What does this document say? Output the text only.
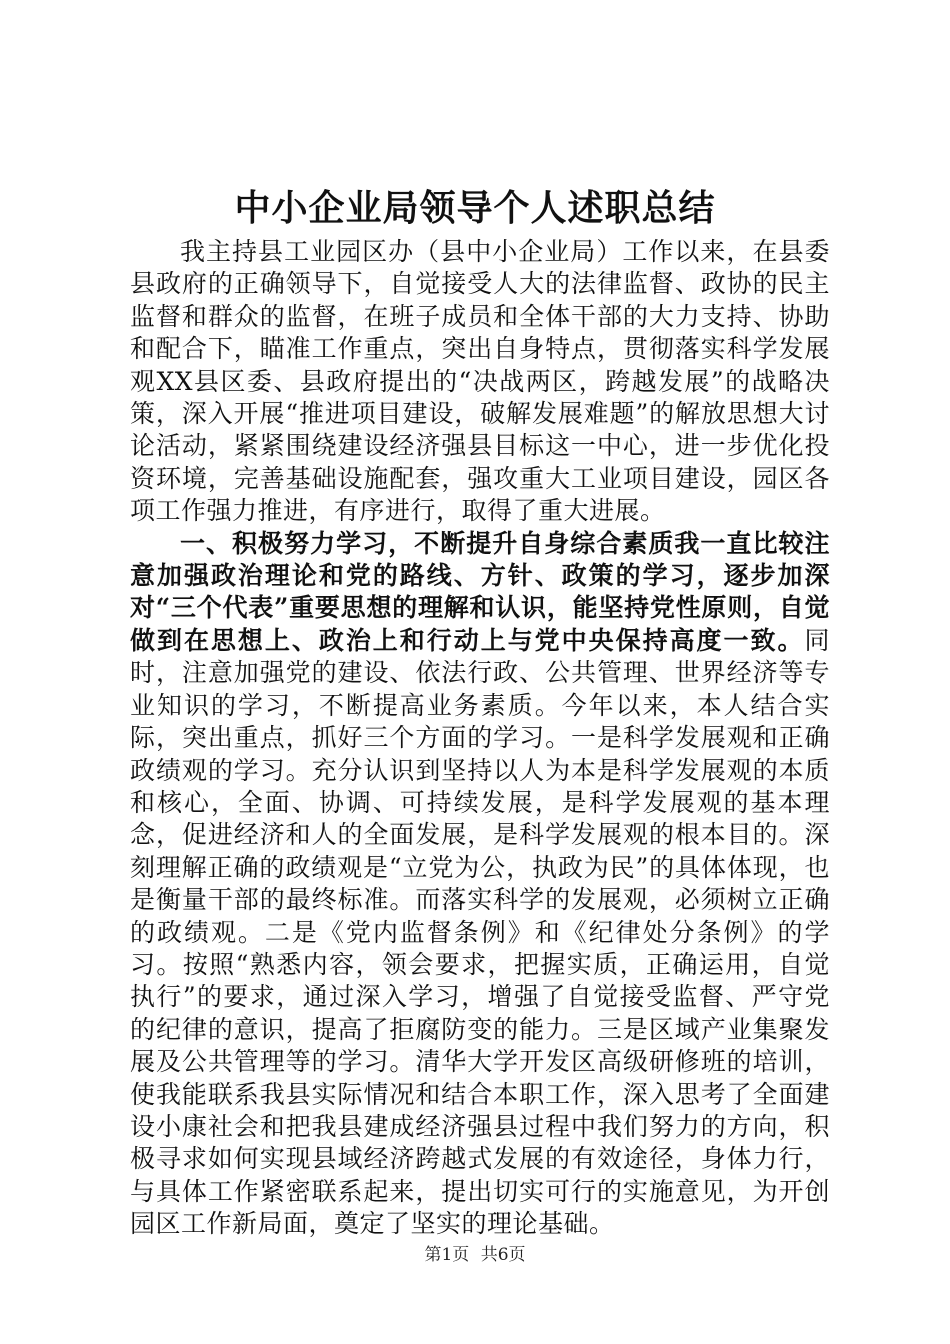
中小企业局领导个人述职总结

我主持县工业园区办（县中小企业局）工作以来，在县委县政府的正确领导下，自觉接受人大的法律监督、政协的民主监督和群众的监督，在班子成员和全体干部的大力支持、协助和配合下，瞄准工作重点，突出自身特点，贯彻落实科学发展观XX县区委、县政府提出的“决战两区，跨越发展”的战略决策，深入开展“推进项目建设，破解发展难题”的解放思想大讨论活动，紧紧围绕建设经济强县目标这一中心，进一步优化投资环境，完善基础设施配套，强攻重大工业项目建设，园区各项工作强力推进，有序进行，取得了重大进展。

一、积极努力学习，不断提升自身综合素质我一直比较注意加强政治理论和党的路线、方针、政策的学习，逐步加深对“三个代表”重要思想的理解和认识，能坚持党性原则，自觉做到在思想上、政治上和行动上与党中央保持高度一致。同时，注意加强党的建设、依法行政、公共管理、世界经济等专业知识的学习，不断提高业务素质。今年以来，本人结合实际，突出重点，抓好三个方面的学习。一是科学发展观和正确政绩观的学习。充分认识到坚持以人为本是科学发展观的本质和核心，全面、协调、可持续发展，是科学发展观的基本理念，促进经济和人的全面发展，是科学发展观的根本目的。深刻理解正确的政绩观是“立党为公，执政为民”的具体体现，也是衡量干部的最终标准。而落实科学的发展观，必须树立正确的政绩观。二是《党内监督条例》和《纪律处分条例》的学习。按照“熟悉内容，领会要求，把握实质，正确运用，自觉执行”的要求，通过深入学习，增强了自觉接受监督、严守党的纪律的意识，提高了拒腐防变的能力。三是区域产业集聚发展及公共管理等的学习。清华大学开发区高级研修班的培训，使我能联系我县实际情况和结合本职工作，深入思考了全面建设小康社会和把我县建成经济强县过程中我们努力的方向，积极寻求如何实现县域经济跨越式发展的有效途径，身体力行，与具体工作紧密联系起来，提出切实可行的实施意见，为开创园区工作新局面，奠定了坚实的理论基础。

第1页 共6页
